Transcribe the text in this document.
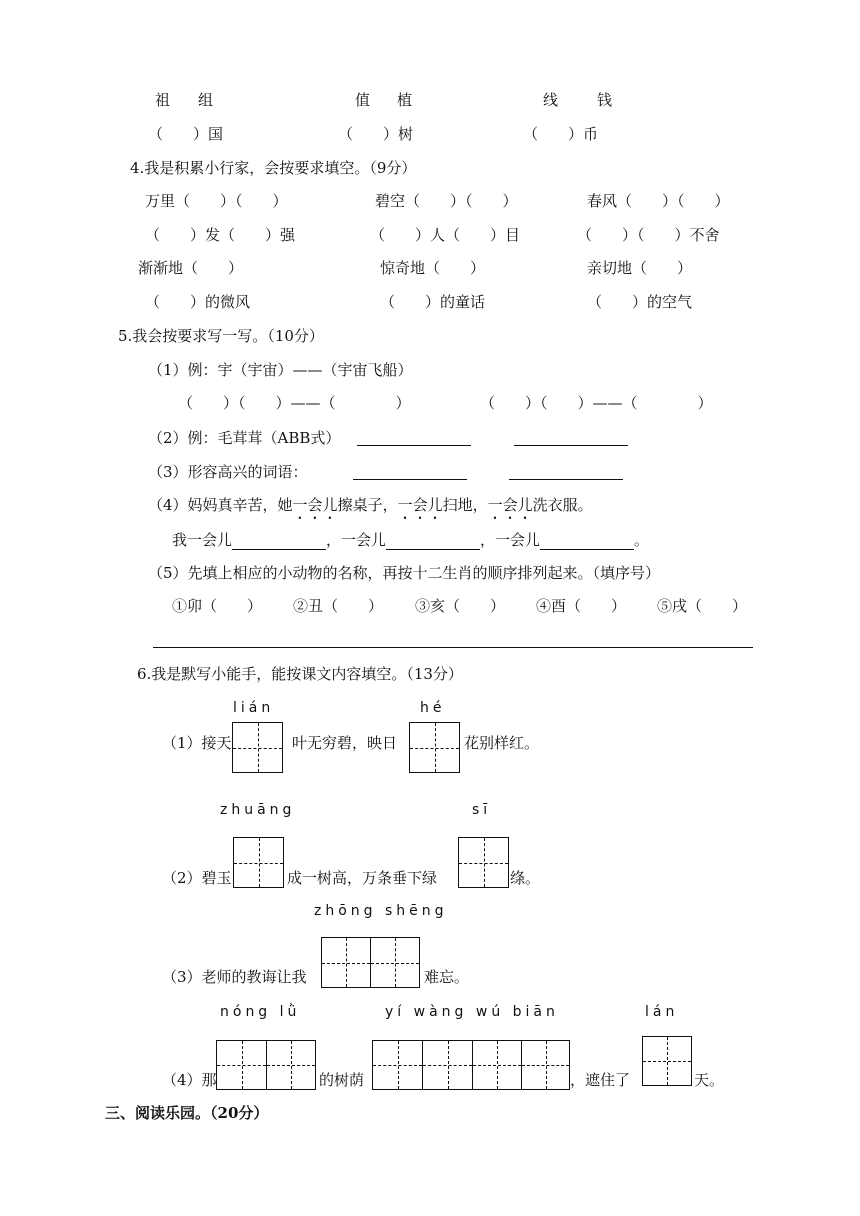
祖 组	值 植	线	钱
（　　）国	（　　）树	（　　）币
4.我是积累小行家，会按要求填空。（9分）
万里（　　）（　　）	碧空（　　）（　　）	春风（　　）（　　）
（　　）发（　　）强	（　　）人（　　）目	（　　）（　　）不舍
渐渐地（　　）	惊奇地（　　）	亲切地（　　）
（　　）的微风	（　　）的童话	（　　）的空气
5.我会按要求写一写。（10分）
（1）例：宇（宇宙）——（宇宙飞船）
（　　）（　　）——（　　　　）	（　　）（　　）——（　　　　）
（2）例：毛茸茸（ABB式）
（3）形容高兴的词语：
（4）妈妈真辛苦，她一会儿擦桌子，一会儿扫地，一会儿洗衣服。
我一会儿	，一会儿	，一会儿	。
（5）先填上相应的小动物的名称，再按十二生肖的顺序排列起来。（填序号）
①卯（　　） ②丑（　　） ③亥（　　） ④酉（　　） ⑤戌（　　）
6.我是默写小能手，能按课文内容填空。（13分）
lián	hé
（1）接天	叶无穷碧，映日	花别样红。
zhuāng	sī
（2）碧玉	成一树高，万条垂下绿	绦。
zhōng shēng
（3）老师的教诲让我	难忘。
nóng lǜ	yí wàng wú biān	lán
（4）那	的树荫	，遮住了	天。
三、阅读乐园。（20分）
